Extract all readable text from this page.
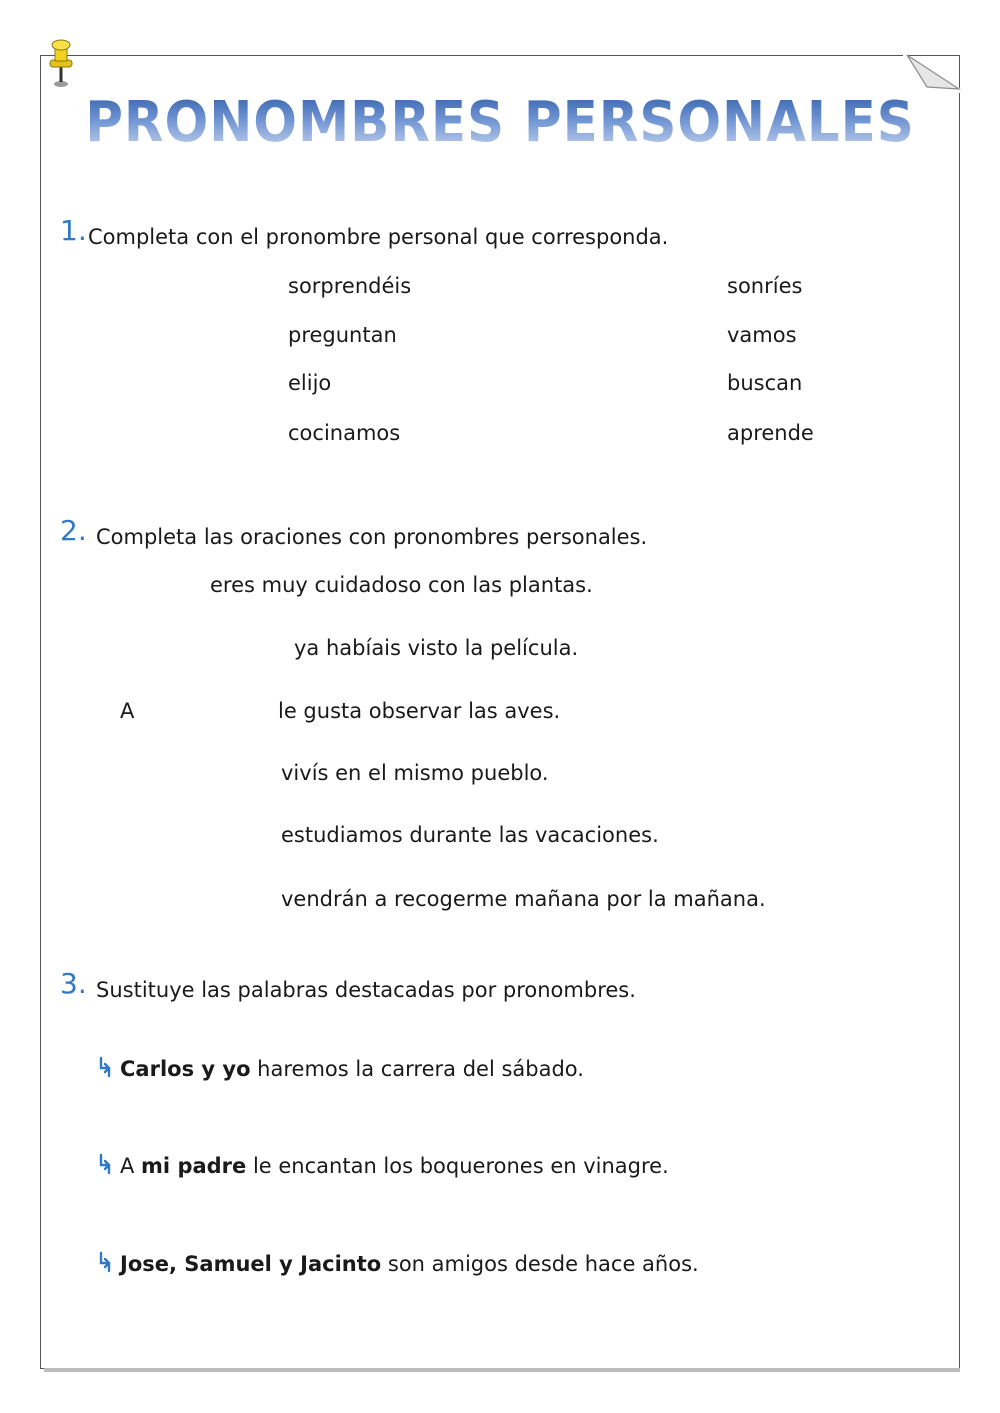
PRONOMBRES PERSONALES
1. Completa con el pronombre personal que corresponda.
sorprendéis
preguntan
elijo
cocinamos
sonríes
vamos
buscan
aprende
2. Completa las oraciones con pronombres personales.
eres muy cuidadoso con las plantas.
ya habíais visto la película.
A	le gusta observar las aves.
vivís en el mismo pueblo.
estudiamos durante las vacaciones.
vendrán a recogerme mañana por la mañana.
3. Sustituye las palabras destacadas por pronombres.
Carlos y yo haremos la carrera del sábado.
A mi padre le encantan los boquerones en vinagre.
Jose, Samuel y Jacinto son amigos desde hace años.
